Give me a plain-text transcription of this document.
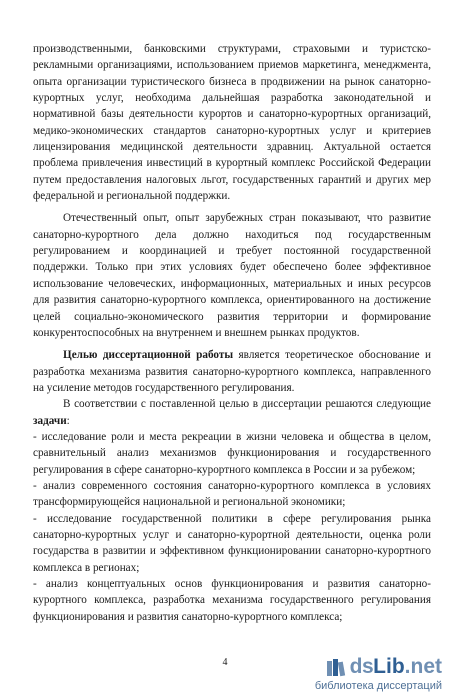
производственными, банковскими структурами, страховыми и туристско-рекламными организациями, использованием приемов маркетинга, менеджмента, опыта организации туристического бизнеса в продвижении на рынок санаторно-курортных услуг, необходима дальнейшая разработка законодательной и нормативной базы деятельности курортов и санаторно-курортных организаций, медико-экономических стандартов санаторно-курортных услуг и критериев лицензирования медицинской деятельности здравниц. Актуальной остается проблема привлечения инвестиций в курортный комплекс Российской Федерации путем предоставления налоговых льгот, государственных гарантий и других мер федеральной и региональной поддержки.

Отечественный опыт, опыт зарубежных стран показывают, что развитие санаторно-курортного дела должно находиться под государственным регулированием и координацией и требует постоянной государственной поддержки. Только при этих условиях будет обеспечено более эффективное использование человеческих, информационных, материальных и иных ресурсов для развития санаторно-курортного комплекса, ориентированного на достижение целей социально-экономического развития территории и формирование конкурентоспособных на внутреннем и внешнем рынках продуктов.

Целью диссертационной работы является теоретическое обоснование и разработка механизма развития санаторно-курортного комплекса, направленного на усиление методов государственного регулирования.

В соответствии с поставленной целью в диссертации решаются следующие задачи:

- исследование роли и места рекреации в жизни человека и общества в целом, сравнительный анализ механизмов функционирования и государственного регулирования в сфере санаторно-курортного комплекса в России и за рубежом;

- анализ современного состояния санаторно-курортного комплекса в условиях трансформирующейся национальной и региональной экономики;

- исследование государственной политики в сфере регулирования рынка санаторно-курортных услуг и санаторно-курортной деятельности, оценка роли государства в развитии и эффективном функционировании санаторно-курортного комплекса в регионах;

- анализ концептуальных основ функционирования и развития санаторно-курортного комплекса, разработка механизма государственного регулирования функционирования и развития санаторно-курортного комплекса;

4	ds Lib .net
библиотека диссертаций
